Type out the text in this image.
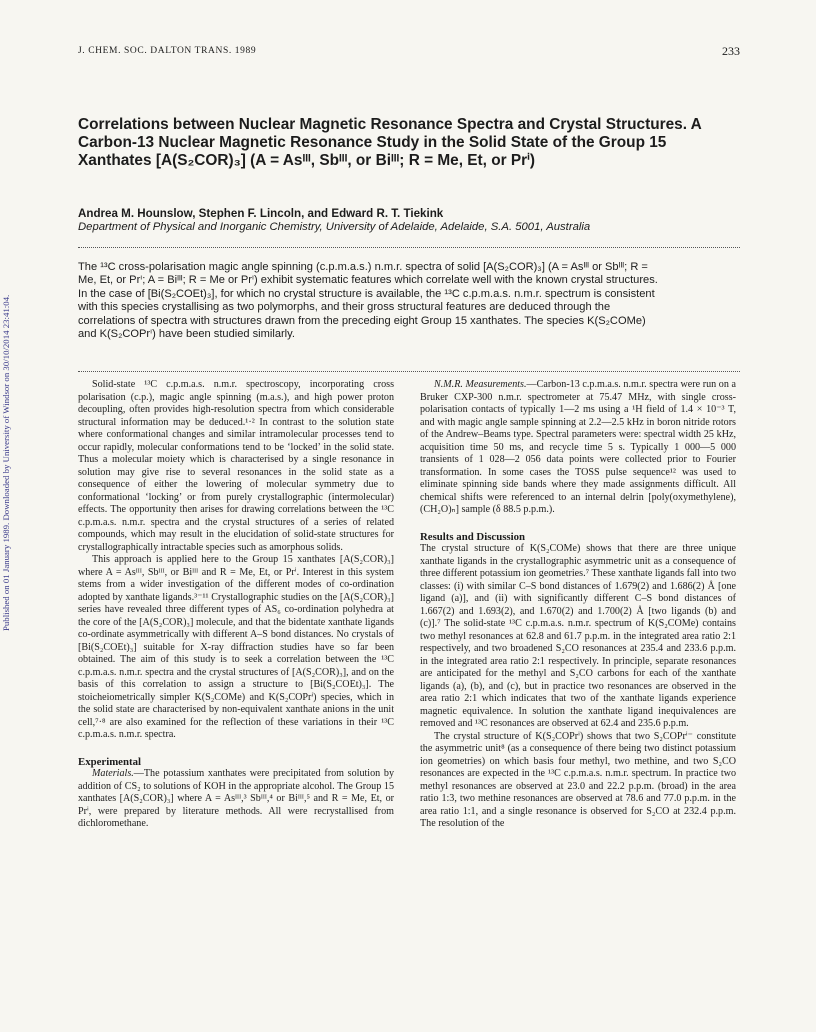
J. CHEM. SOC. DALTON TRANS. 1989	233
Published on 01 January 1989. Downloaded by University of Windsor on 30/10/2014 23:41:04.
Correlations between Nuclear Magnetic Resonance Spectra and Crystal Structures. A Carbon-13 Nuclear Magnetic Resonance Study in the Solid State of the Group 15 Xanthates [A(S₂COR)₃] (A = Asᴵᴵᴵ, Sbᴵᴵᴵ, or Biᴵᴵᴵ; R = Me, Et, or Prⁱ)
Andrea M. Hounslow, Stephen F. Lincoln, and Edward R. T. Tiekink
Department of Physical and Inorganic Chemistry, University of Adelaide, Adelaide, S.A. 5001, Australia
The ¹³C cross-polarisation magic angle spinning (c.p.m.a.s.) n.m.r. spectra of solid [A(S₂COR)₃] (A = Asᴵᴵᴵ or Sbᴵᴵᴵ; R = Me, Et, or Prⁱ; A = Biᴵᴵᴵ; R = Me or Prⁱ) exhibit systematic features which correlate well with the known crystal structures. In the case of [Bi(S₂COEt)₃], for which no crystal structure is available, the ¹³C c.p.m.a.s. n.m.r. spectrum is consistent with this species crystallising as two polymorphs, and their gross structural features are deduced through the correlations of spectra with structures drawn from the preceding eight Group 15 xanthates. The species K(S₂COMe) and K(S₂COPrⁱ) have been studied similarly.

Solid-state ¹³C c.p.m.a.s. n.m.r. spectroscopy, incorporating cross polarisation (c.p.), magic angle spinning (m.a.s.), and high power proton decoupling, often provides high-resolution spectra from which considerable structural information may be deduced.¹·² In contrast to the solution state where conformational changes and similar intramolecular processes tend to occur rapidly, molecular conformations tend to be ‘locked’ in the solid state. Thus a molecular moiety which is characterised by a single resonance in solution may give rise to several resonances in the solid state as a consequence of either the lowering of molecular symmetry due to conformational ‘locking’ or from purely crystallographic (intermolecular) effects. The opportunity then arises for drawing correlations between the ¹³C c.p.m.a.s. n.m.r. spectra and the crystal structures of a series of related compounds, which may result in the elucidation of solid-state structures for crystallographically intractable species such as amorphous solids.

This approach is applied here to the Group 15 xanthates [A(S₂COR)₃] where A = Asᴵᴵᴵ, Sbᴵᴵᴵ, or Biᴵᴵᴵ and R = Me, Et, or Prⁱ. Interest in this system stems from a wider investigation of the different modes of co-ordination adopted by xanthate ligands.³⁻¹¹ Crystallographic studies on the [A(S₂COR)₃] series have revealed three different types of AS₆ co-ordination polyhedra at the core of the [A(S₂COR)₃] molecule, and that the bidentate xanthate ligands co-ordinate asymmetrically with different A–S bond distances. No crystals of [Bi(S₂COEt)₃] suitable for X-ray diffraction studies have so far been obtained. The aim of this study is to seek a correlation between the ¹³C c.p.m.a.s. n.m.r. spectra and the crystal structures of [A(S₂COR)₃], and on the basis of this correlation to assign a structure to [Bi(S₂COEt)₃]. The stoicheiometrically simpler K(S₂COMe) and K(S₂COPrⁱ) species, which in the solid state are characterised by non-equivalent xanthate anions in the unit cell,⁷·⁸ are also examined for the reflection of these variations in their ¹³C c.p.m.a.s. n.m.r. spectra.

Experimental

Materials.—The potassium xanthates were precipitated from solution by addition of CS₂ to solutions of KOH in the appropriate alcohol. The Group 15 xanthates [A(S₂COR)₃] where A = Asᴵᴵᴵ,³ Sbᴵᴵᴵ,⁴ or Biᴵᴵᴵ,⁵ and R = Me, Et, or Prⁱ, were prepared by literature methods. All were recrystallised from dichloromethane.

N.M.R. Measurements.—Carbon-13 c.p.m.a.s. n.m.r. spectra were run on a Bruker CXP-300 n.m.r. spectrometer at 75.47 MHz, with single cross-polarisation contacts of typically 1—2 ms using a ¹H field of 1.4 × 10⁻³ T, and with magic angle sample spinning at 2.2—2.5 kHz in boron nitride rotors of the Andrew–Beams type. Spectral parameters were: spectral width 25 kHz, acquisition time 50 ms, and recycle time 5 s. Typically 1 000—5 000 transients of 1 028—2 056 data points were collected prior to Fourier transformation. In some cases the TOSS pulse sequence¹² was used to eliminate spinning side bands where they made assignments difficult. All chemical shifts were referenced to an internal delrin [poly(oxymethylene), (CH₂O)ₙ] sample (δ 88.5 p.p.m.).

Results and Discussion

The crystal structure of K(S₂COMe) shows that there are three unique xanthate ligands in the crystallographic asymmetric unit as a consequence of three different potassium ion geometries.⁷ These xanthate ligands fall into two classes: (i) with similar C–S bond distances of 1.679(2) and 1.686(2) Å [one ligand (a)], and (ii) with significantly different C–S bond distances of 1.667(2) and 1.693(2), and 1.670(2) and 1.700(2) Å [two ligands (b) and (c)].⁷ The solid-state ¹³C c.p.m.a.s. n.m.r. spectrum of K(S₂COMe) contains two methyl resonances at 62.8 and 61.7 p.p.m. in the integrated area ratio 2:1 respectively, and two broadened S₂CO resonances at 235.4 and 233.6 p.p.m. in the integrated area ratio 2:1 respectively. In principle, separate resonances are anticipated for the methyl and S₂CO carbons for each of the xanthate ligands (a), (b), and (c), but in practice two resonances are observed in the area ratio 2:1 which indicates that two of the xanthate ligands experience magnetic equivalence. In solution the xanthate ligand inequivalences are removed and ¹³C resonances are observed at 62.4 and 235.6 p.p.m.

The crystal structure of K(S₂COPrⁱ) shows that two S₂COPrⁱ⁻ constitute the asymmetric unit⁸ (as a consequence of there being two distinct potassium ion geometries) on which basis four methyl, two methine, and two S₂CO resonances are expected in the ¹³C c.p.m.a.s. n.m.r. spectrum. In practice two methyl resonances are observed at 23.0 and 22.2 p.p.m. (broad) in the area ratio 1:3, two methine resonances are observed at 78.6 and 77.0 p.p.m. in the area ratio 1:1, and a single resonance is observed for S₂CO at 232.4 p.p.m. The resolution of the
